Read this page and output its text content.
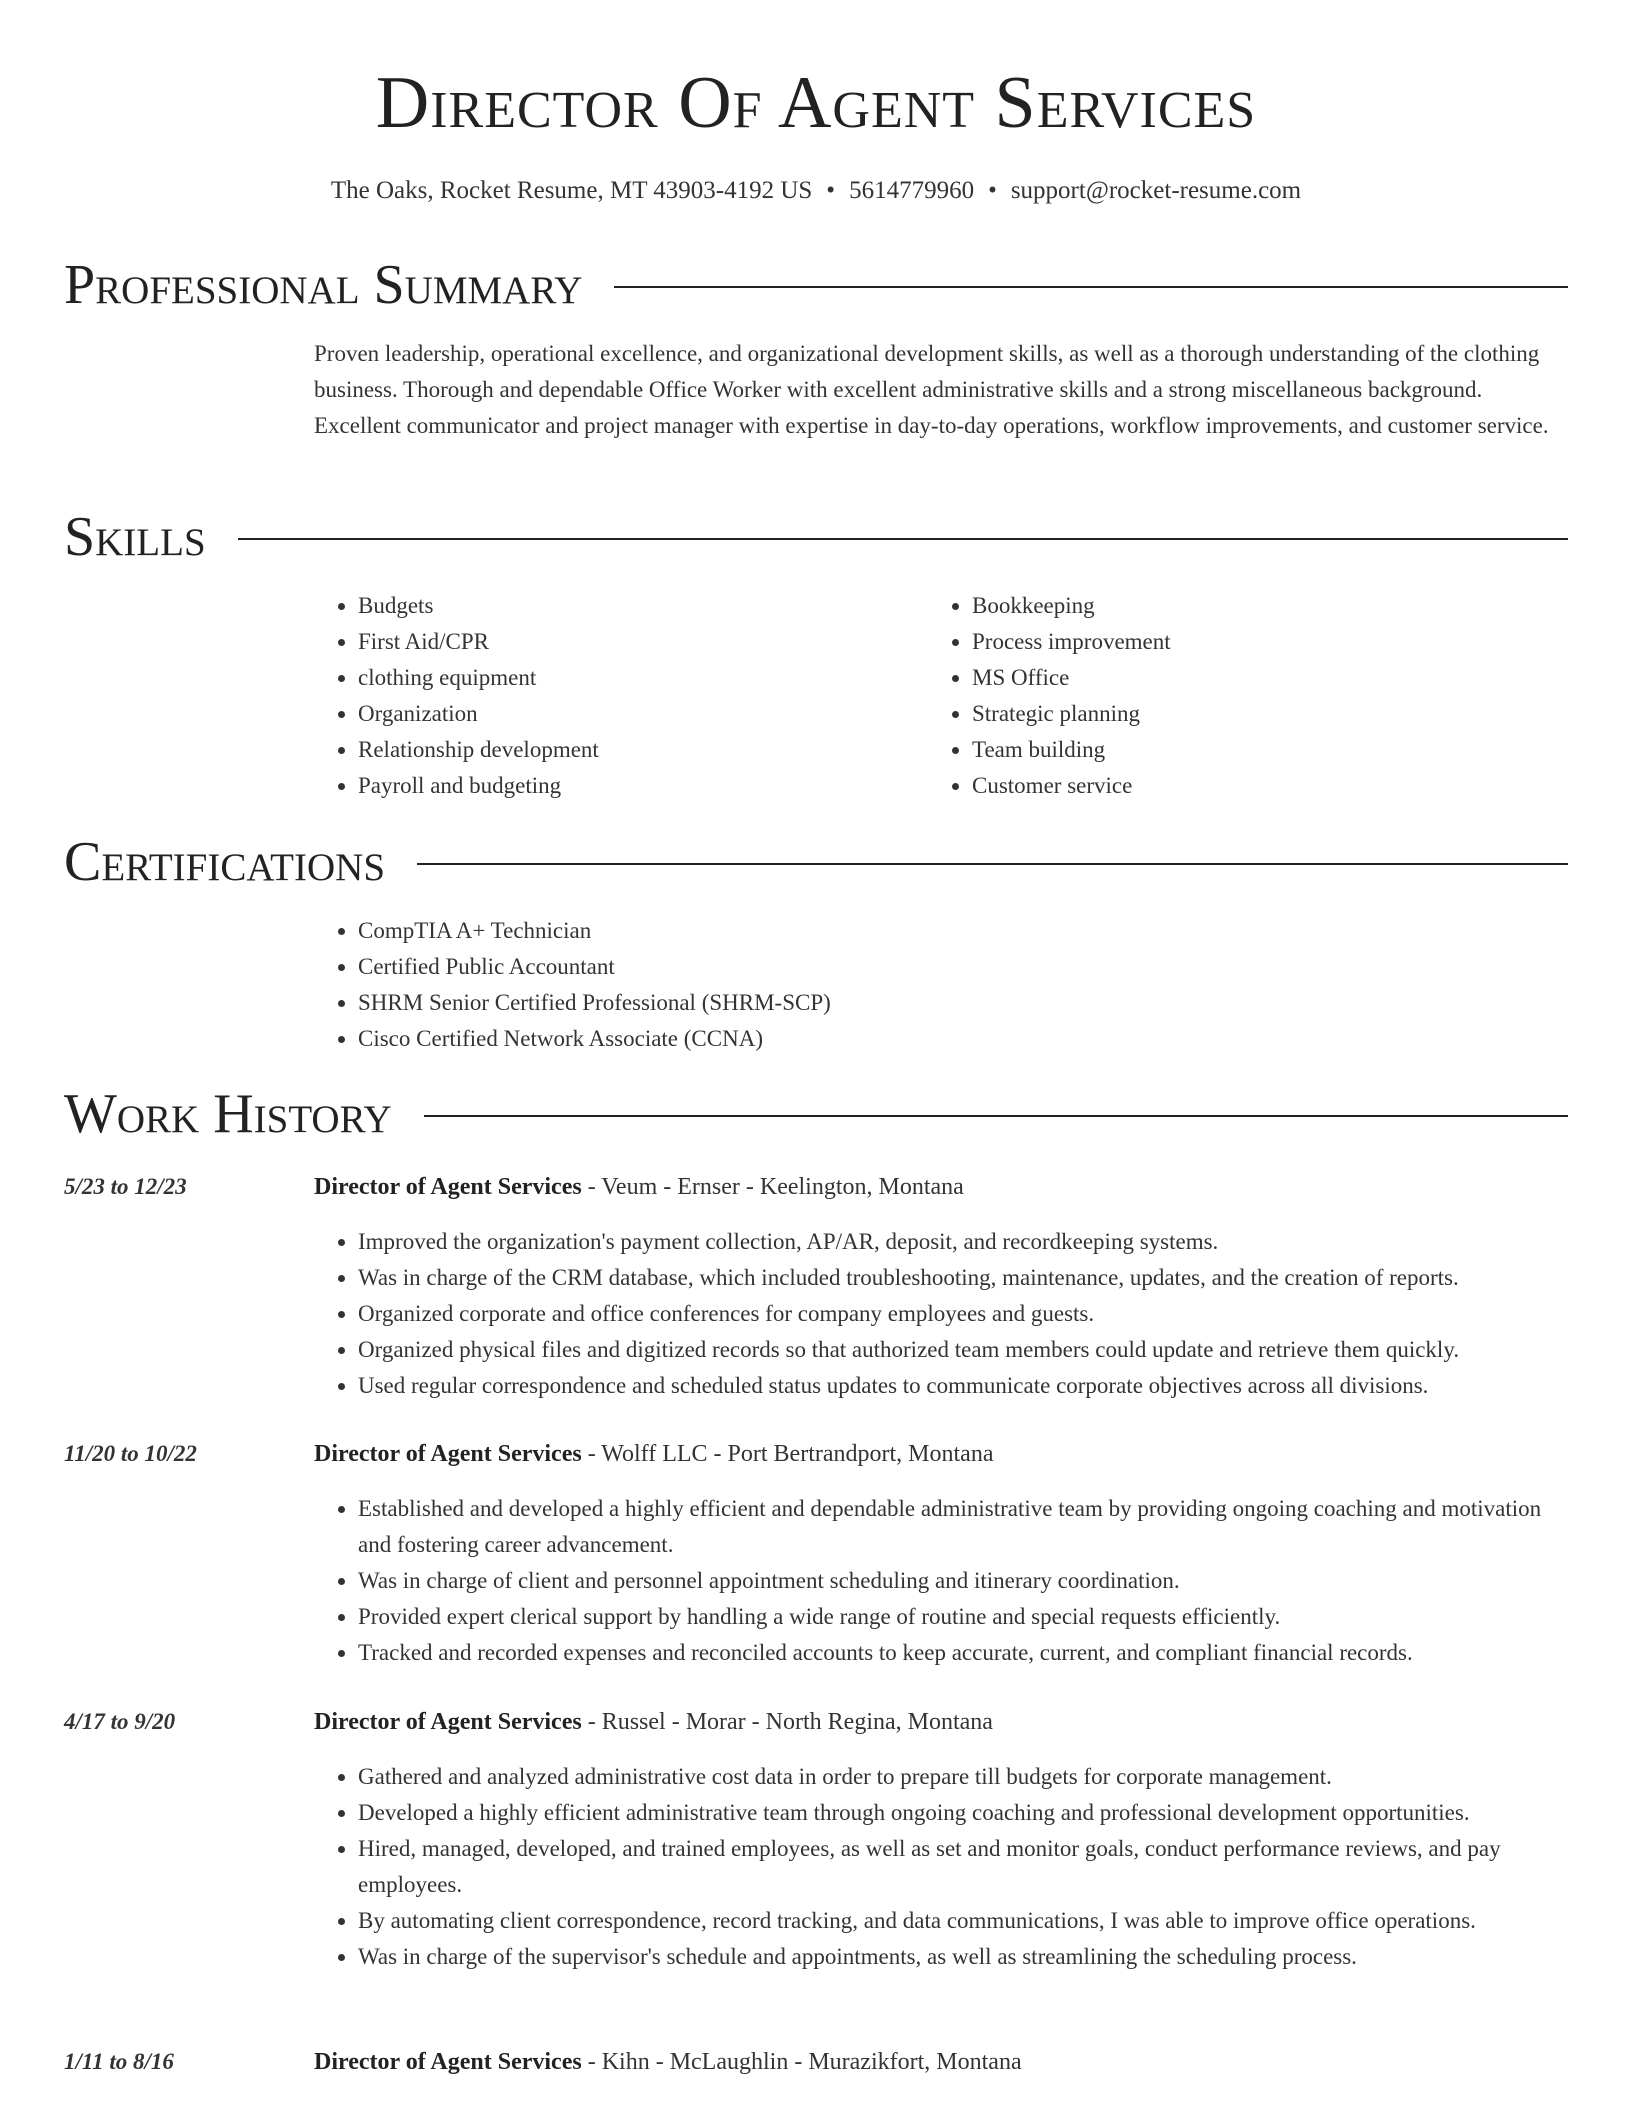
Director Of Agent Services
The Oaks, Rocket Resume, MT 43903-4192 US • 5614779960 • support@rocket-resume.com
Professional Summary
Proven leadership, operational excellence, and organizational development skills, as well as a thorough understanding of the clothing business. Thorough and dependable Office Worker with excellent administrative skills and a strong miscellaneous background. Excellent communicator and project manager with expertise in day-to-day operations, workflow improvements, and customer service.
Skills
• Budgets
• First Aid/CPR
• clothing equipment
• Organization
• Relationship development
• Payroll and budgeting
• Bookkeeping
• Process improvement
• MS Office
• Strategic planning
• Team building
• Customer service
Certifications
• CompTIA A+ Technician
• Certified Public Accountant
• SHRM Senior Certified Professional (SHRM-SCP)
• Cisco Certified Network Associate (CCNA)
Work History
5/23 to 12/23	Director of Agent Services - Veum - Ernser - Keelington, Montana
• Improved the organization's payment collection, AP/AR, deposit, and recordkeeping systems.
• Was in charge of the CRM database, which included troubleshooting, maintenance, updates, and the creation of reports.
• Organized corporate and office conferences for company employees and guests.
• Organized physical files and digitized records so that authorized team members could update and retrieve them quickly.
• Used regular correspondence and scheduled status updates to communicate corporate objectives across all divisions.
11/20 to 10/22	Director of Agent Services - Wolff LLC - Port Bertrandport, Montana
• Established and developed a highly efficient and dependable administrative team by providing ongoing coaching and motivation and fostering career advancement.
• Was in charge of client and personnel appointment scheduling and itinerary coordination.
• Provided expert clerical support by handling a wide range of routine and special requests efficiently.
• Tracked and recorded expenses and reconciled accounts to keep accurate, current, and compliant financial records.
4/17 to 9/20	Director of Agent Services - Russel - Morar - North Regina, Montana
• Gathered and analyzed administrative cost data in order to prepare till budgets for corporate management.
• Developed a highly efficient administrative team through ongoing coaching and professional development opportunities.
• Hired, managed, developed, and trained employees, as well as set and monitor goals, conduct performance reviews, and pay employees.
• By automating client correspondence, record tracking, and data communications, I was able to improve office operations.
• Was in charge of the supervisor's schedule and appointments, as well as streamlining the scheduling process.
1/11 to 8/16	Director of Agent Services - Kihn - McLaughlin - Murazikfort, Montana
